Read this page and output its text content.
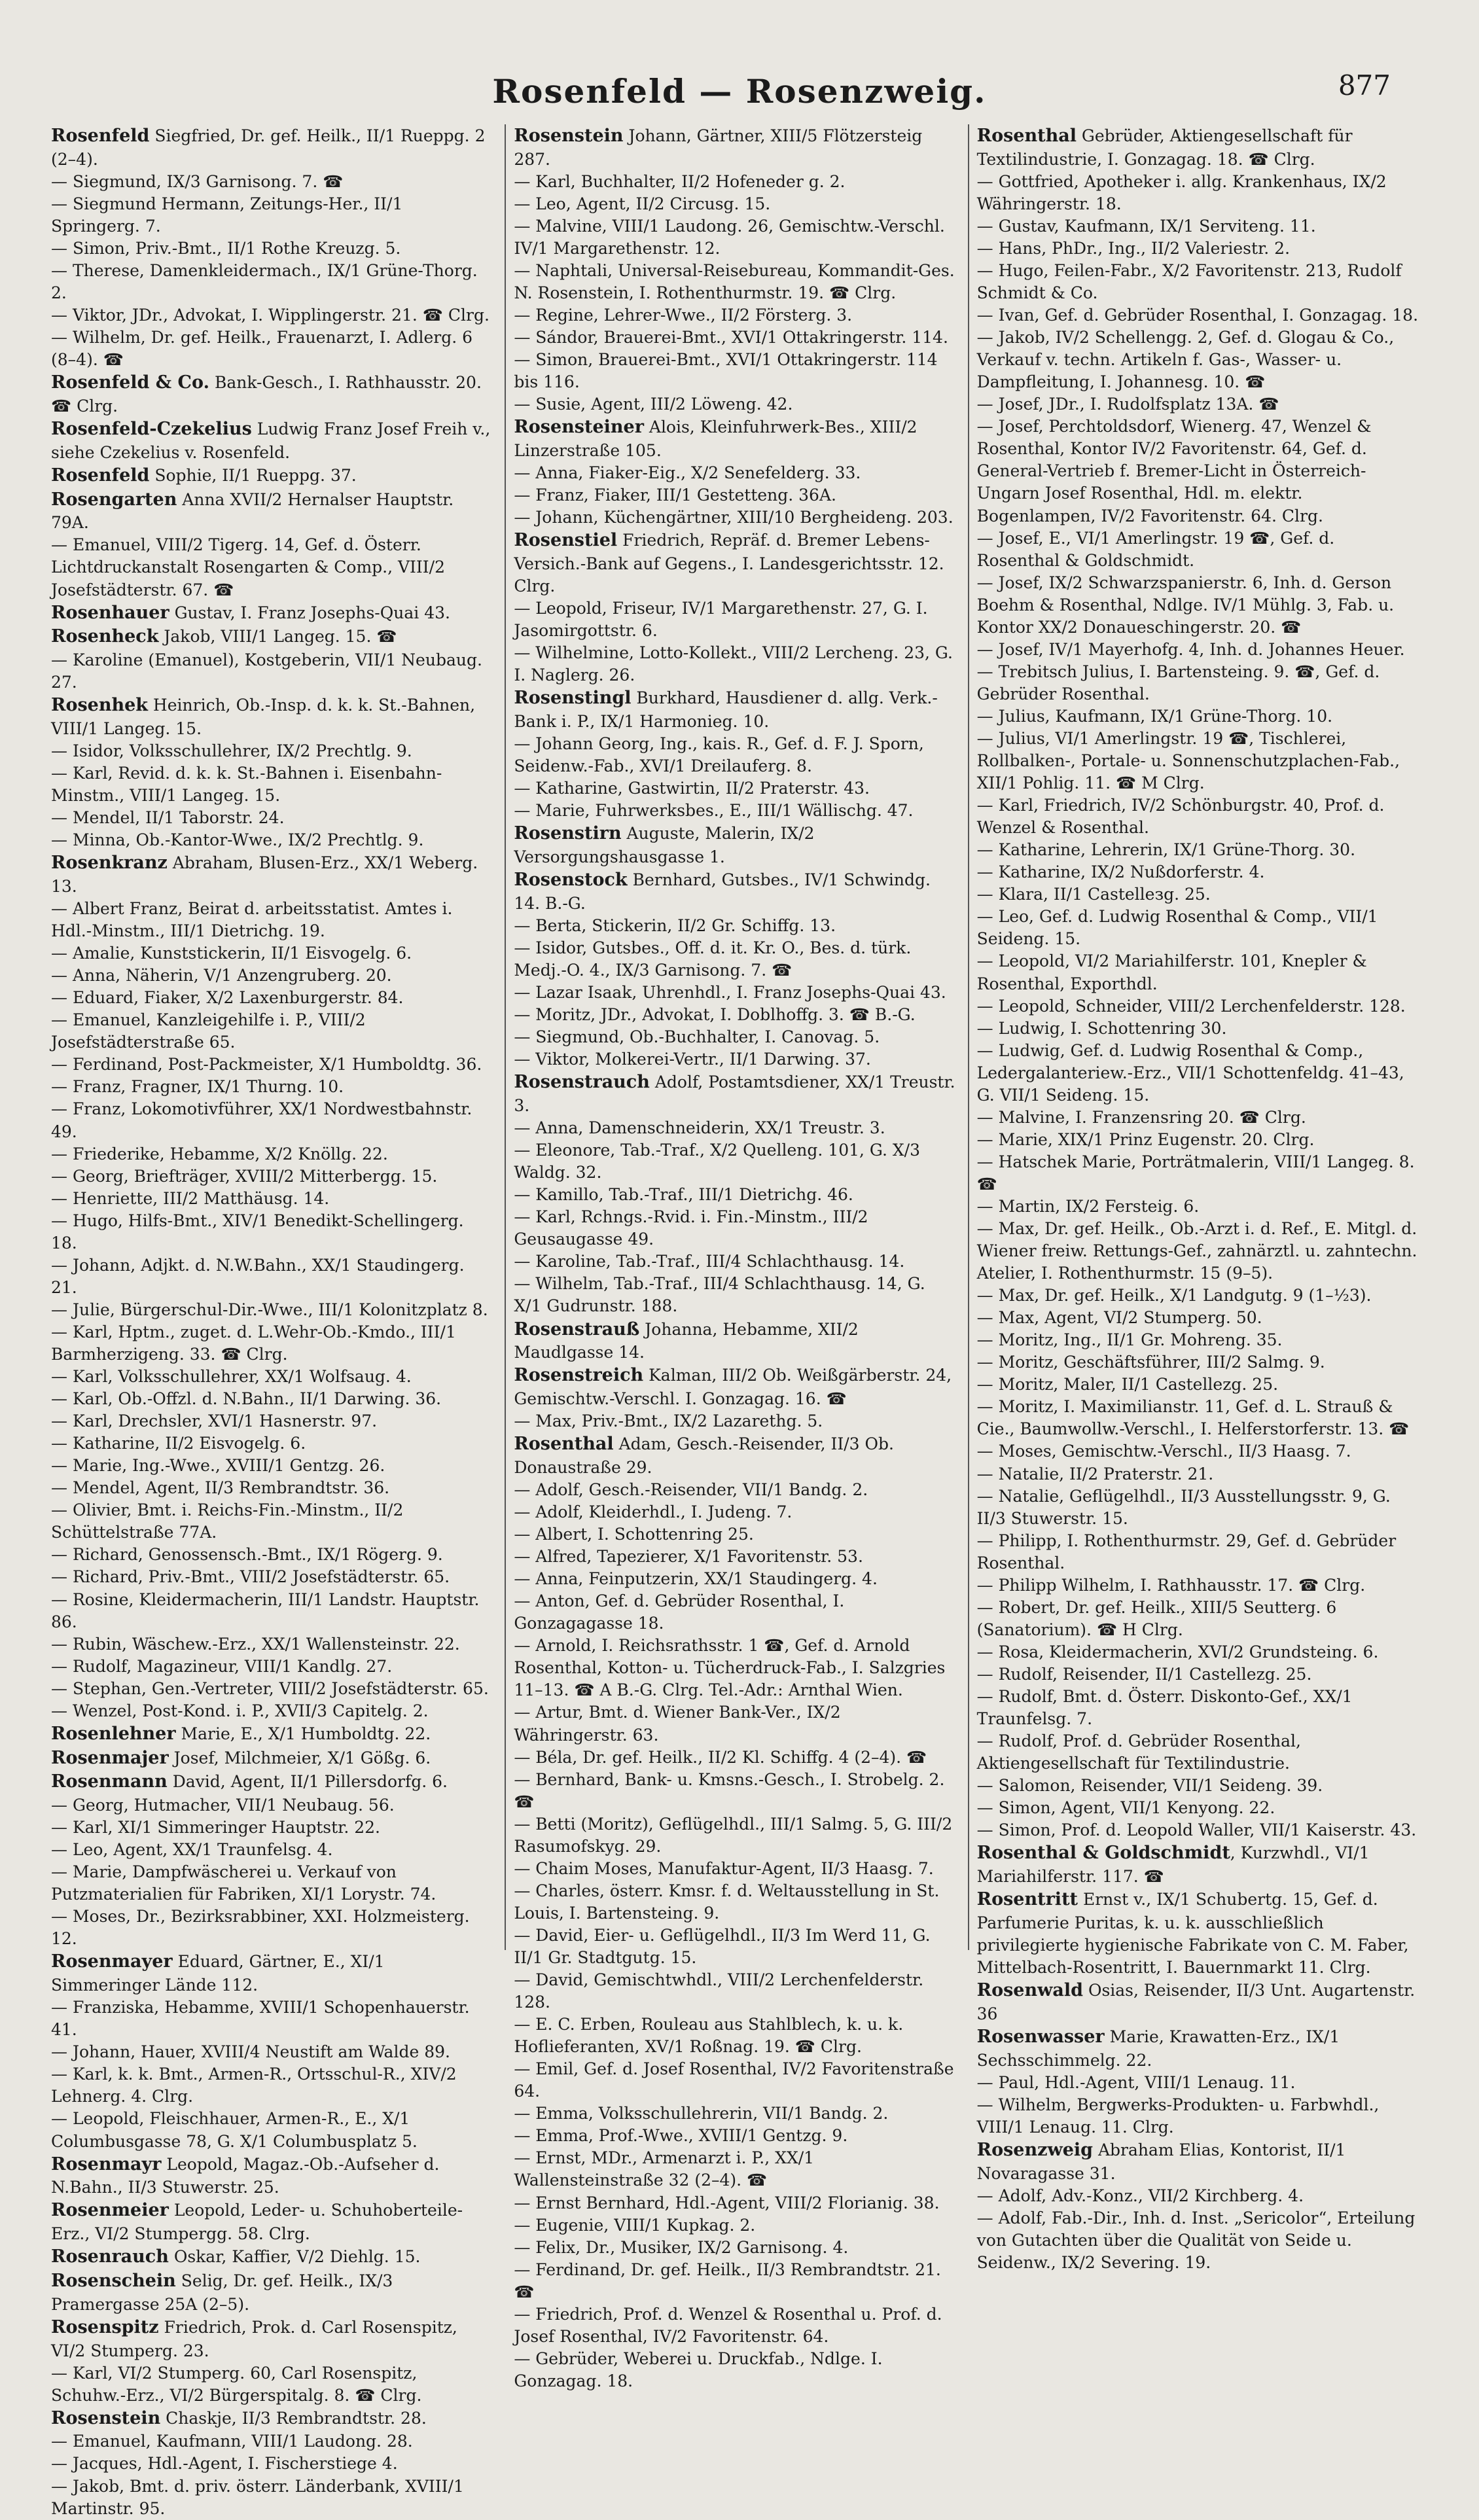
Rosenfeld — Rosenzweig.	877

Rosenfeld Siegfried, Dr. gef. Heilk., II/1 Rueppg. 2 (2–4).

— Siegmund, IX/3 Garnisong. 7. ☎

— Siegmund Hermann, Zeitungs-Her., II/1 Springerg. 7.

— Simon, Priv.-Bmt., II/1 Rothe Kreuzg. 5.

— Therese, Damenkleidermach., IX/1 Grüne-Thorg. 2.

— Viktor, JDr., Advokat, I. Wipplingerstr. 21. ☎ Clrg.

— Wilhelm, Dr. gef. Heilk., Frauenarzt, I. Adlerg. 6 (8–4). ☎

Rosenfeld & Co. Bank-Gesch., I. Rathhausstr. 20. ☎ Clrg.

Rosenfeld-Czekelius Ludwig Franz Josef Freih v., siehe Czekelius v. Rosenfeld.

Rosenfeld Sophie, II/1 Rueppg. 37.

Rosengarten Anna XVII/2 Hernalser Hauptstr. 79A.

— Emanuel, VIII/2 Tigerg. 14, Gef. d. Österr. Lichtdruckanstalt Rosengarten & Comp., VIII/2 Josefstädterstr. 67. ☎

Rosenhauer Gustav, I. Franz Josephs-Quai 43.

Rosenheck Jakob, VIII/1 Langeg. 15. ☎

— Karoline (Emanuel), Kostgeberin, VII/1 Neubaug. 27.

Rosenhek Heinrich, Ob.-Insp. d. k. k. St.-Bahnen, VIII/1 Langeg. 15.

— Isidor, Volksschullehrer, IX/2 Prechtlg. 9.

— Karl, Revid. d. k. k. St.-Bahnen i. Eisenbahn-Minstm., VIII/1 Langeg. 15.

— Mendel, II/1 Taborstr. 24.

— Minna, Ob.-Kantor-Wwe., IX/2 Prechtlg. 9.

Rosenkranz Abraham, Blusen-Erz., XX/1 Weberg. 13.

— Albert Franz, Beirat d. arbeitsstatist. Amtes i. Hdl.-Minstm., III/1 Dietrichg. 19.

— Amalie, Kunststickerin, II/1 Eisvogelg. 6.

— Anna, Näherin, V/1 Anzengruberg. 20.

— Eduard, Fiaker, X/2 Laxenburgerstr. 84.

— Emanuel, Kanzleigehilfe i. P., VIII/2 Josefstädterstraße 65.

— Ferdinand, Post-Packmeister, X/1 Humboldtg. 36.

— Franz, Fragner, IX/1 Thurng. 10.

— Franz, Lokomotivführer, XX/1 Nordwestbahnstr. 49.

— Friederike, Hebamme, X/2 Knöllg. 22.

— Georg, Briefträger, XVIII/2 Mitterbergg. 15.

— Henriette, III/2 Matthäusg. 14.

— Hugo, Hilfs-Bmt., XIV/1 Benedikt-Schellingerg. 18.

— Johann, Adjkt. d. N.W.Bahn., XX/1 Staudingerg. 21.

— Julie, Bürgerschul-Dir.-Wwe., III/1 Kolonitzplatz 8.

— Karl, Hptm., zuget. d. L.Wehr-Ob.-Kmdo., III/1 Barmherzigeng. 33. ☎ Clrg.

— Karl, Volksschullehrer, XX/1 Wolfsaug. 4.

— Karl, Ob.-Offzl. d. N.Bahn., II/1 Darwing. 36.

— Karl, Drechsler, XVI/1 Hasnerstr. 97.

— Katharine, II/2 Eisvogelg. 6.

— Marie, Ing.-Wwe., XVIII/1 Gentzg. 26.

— Mendel, Agent, II/3 Rembrandtstr. 36.

— Olivier, Bmt. i. Reichs-Fin.-Minstm., II/2 Schüttelstraße 77A.

— Richard, Genossensch.-Bmt., IX/1 Rögerg. 9.

— Richard, Priv.-Bmt., VIII/2 Josefstädterstr. 65.

— Rosine, Kleidermacherin, III/1 Landstr. Hauptstr. 86.

— Rubin, Wäschew.-Erz., XX/1 Wallensteinstr. 22.

— Rudolf, Magazineur, VIII/1 Kandlg. 27.

— Stephan, Gen.-Vertreter, VIII/2 Josefstädterstr. 65.

— Wenzel, Post-Kond. i. P., XVII/3 Capitelg. 2.

Rosenlehner Marie, E., X/1 Humboldtg. 22.

Rosenmajer Josef, Milchmeier, X/1 Gößg. 6.

Rosenmann David, Agent, II/1 Pillersdorfg. 6.

— Georg, Hutmacher, VII/1 Neubaug. 56.

— Karl, XI/1 Simmeringer Hauptstr. 22.

— Leo, Agent, XX/1 Traunfelsg. 4.

— Marie, Dampfwäscherei u. Verkauf von Putzmaterialien für Fabriken, XI/1 Lorystr. 74.

— Moses, Dr., Bezirksrabbiner, XXI. Holzmeisterg. 12.

Rosenmayer Eduard, Gärtner, E., XI/1 Simmeringer Lände 112.

— Franziska, Hebamme, XVIII/1 Schopenhauerstr. 41.

— Johann, Hauer, XVIII/4 Neustift am Walde 89.

— Karl, k. k. Bmt., Armen-R., Ortsschul-R., XIV/2 Lehnerg. 4. Clrg.

— Leopold, Fleischhauer, Armen-R., E., X/1 Columbusgasse 78, G. X/1 Columbusplatz 5.

Rosenmayr Leopold, Magaz.-Ob.-Aufseher d. N.Bahn., II/3 Stuwerstr. 25.

Rosenmeier Leopold, Leder- u. Schuhoberteile-Erz., VI/2 Stumpergg. 58. Clrg.

Rosenrauch Oskar, Kaffier, V/2 Diehlg. 15.

Rosenschein Selig, Dr. gef. Heilk., IX/3 Pramergasse 25A (2–5).

Rosenspitz Friedrich, Prok. d. Carl Rosenspitz, VI/2 Stumperg. 23.

— Karl, VI/2 Stumperg. 60, Carl Rosenspitz, Schuhw.-Erz., VI/2 Bürgerspitalg. 8. ☎ Clrg.

Rosenstein Chaskje, II/3 Rembrandtstr. 28.

— Emanuel, Kaufmann, VIII/1 Laudong. 28.

— Jacques, Hdl.-Agent, I. Fischerstiege 4.

— Jakob, Bmt. d. priv. österr. Länderbank, XVIII/1 Martinstr. 95.

Rosenstein Johann, Gärtner, XIII/5 Flötzersteig 287.

— Karl, Buchhalter, II/2 Hofeneder g. 2.

— Leo, Agent, II/2 Circusg. 15.

— Malvine, VIII/1 Laudong. 26, Gemischtw.-Verschl. IV/1 Margarethenstr. 12.

— Naphtali, Universal-Reisebureau, Kommandit-Ges. N. Rosenstein, I. Rothenthurmstr. 19. ☎ Clrg.

— Regine, Lehrer-Wwe., II/2 Försterg. 3.

— Sándor, Brauerei-Bmt., XVI/1 Ottakringerstr. 114.

— Simon, Brauerei-Bmt., XVI/1 Ottakringerstr. 114 bis 116.

— Susie, Agent, III/2 Löweng. 42.

Rosensteiner Alois, Kleinfuhrwerk-Bes., XIII/2 Linzerstraße 105.

— Anna, Fiaker-Eig., X/2 Senefelderg. 33.

— Franz, Fiaker, III/1 Gestetteng. 36A.

— Johann, Küchengärtner, XIII/10 Bergheideng. 203.

Rosenstiel Friedrich, Repräf. d. Bremer Lebens-Versich.-Bank auf Gegens., I. Landesgerichtsstr. 12. Clrg.

— Leopold, Friseur, IV/1 Margarethenstr. 27, G. I. Jasomirgottstr. 6.

— Wilhelmine, Lotto-Kollekt., VIII/2 Lercheng. 23, G. I. Naglerg. 26.

Rosenstingl Burkhard, Hausdiener d. allg. Verk.-Bank i. P., IX/1 Harmoniеg. 10.

— Johann Georg, Ing., kais. R., Gef. d. F. J. Sporn, Seidenw.-Fab., XVI/1 Dreilauferg. 8.

— Katharine, Gastwirtin, II/2 Praterstr. 43.

— Marie, Fuhrwerksbes., E., III/1 Wällischg. 47.

Rosenstirn Auguste, Malerin, IX/2 Versorgungshausgasse 1.

Rosenstock Bernhard, Gutsbes., IV/1 Schwindg. 14. B.-G.

— Berta, Stickerin, II/2 Gr. Schiffg. 13.

— Isidor, Gutsbes., Off. d. it. Kr. O., Bes. d. türk. Medj.-O. 4., IX/3 Garnisong. 7. ☎

— Lazar Isaak, Uhrenhdl., I. Franz Josephs-Quai 43.

— Moritz, JDr., Advokat, I. Doblhoffg. 3. ☎ B.-G.

— Siegmund, Ob.-Buchhalter, I. Canovag. 5.

— Viktor, Molkerei-Vertr., II/1 Darwing. 37.

Rosenstrauch Adolf, Postamtsdiener, XX/1 Treustr. 3.

— Anna, Damenschneiderin, XX/1 Treustr. 3.

— Eleonore, Tab.-Traf., X/2 Quelleng. 101, G. X/3 Waldg. 32.

— Kamillo, Tab.-Traf., III/1 Dietrichg. 46.

— Karl, Rchngs.-Rvid. i. Fin.-Minstm., III/2 Geusaugasse 49.

— Karoline, Tab.-Traf., III/4 Schlachthausg. 14.

— Wilhelm, Tab.-Traf., III/4 Schlachthausg. 14, G. X/1 Gudrunstr. 188.

Rosenstrauß Johanna, Hebamme, XII/2 Maudlgasse 14.

Rosenstreich Kalman, III/2 Ob. Weißgärberstr. 24, Gemischtw.-Verschl. I. Gonzagag. 16. ☎

— Max, Priv.-Bmt., IX/2 Lazarethg. 5.

Rosenthal Adam, Gesch.-Reisender, II/3 Ob. Donaustraße 29.

— Adolf, Gesch.-Reisender, VII/1 Bandg. 2.

— Adolf, Kleiderhdl., I. Judeng. 7.

— Albert, I. Schottenring 25.

— Alfred, Tapezierer, X/1 Favoritenstr. 53.

— Anna, Feinputzerin, XX/1 Staudingerg. 4.

— Anton, Gef. d. Gebrüder Rosenthal, I. Gonzagagasse 18.

— Arnold, I. Reichsrathsstr. 1 ☎, Gef. d. Arnold Rosenthal, Kotton- u. Tücherdruck-Fab., I. Salzgries 11–13. ☎ A B.-G. Clrg. Tel.-Adr.: Arnthal Wien.

— Artur, Bmt. d. Wiener Bank-Ver., IX/2 Währingerstr. 63.

— Béla, Dr. gef. Heilk., II/2 Kl. Schiffg. 4 (2–4). ☎

— Bernhard, Bank- u. Kmsns.-Gesch., I. Strobelg. 2. ☎

— Betti (Moritz), Geflügelhdl., III/1 Salmg. 5, G. III/2 Rasumofskyg. 29.

— Chaim Moses, Manufaktur-Agent, II/3 Haasg. 7.

— Charles, österr. Kmsr. f. d. Weltausstellung in St. Louis, I. Bartensteing. 9.

— David, Eier- u. Geflügelhdl., II/3 Im Werd 11, G. II/1 Gr. Stadtgutg. 15.

— David, Gemischtwhdl., VIII/2 Lerchenfelderstr. 128.

— E. C. Erben, Rouleau aus Stahlblech, k. u. k. Hoflieferanten, XV/1 Roßnag. 19. ☎ Clrg.

— Emil, Gef. d. Josef Rosenthal, IV/2 Favoritenstraße 64.

— Emma, Volksschullehrerin, VII/1 Bandg. 2.

— Emma, Prof.-Wwe., XVIII/1 Gentzg. 9.

— Ernst, MDr., Armenarzt i. P., XX/1 Wallensteinstraße 32 (2–4). ☎

— Ernst Bernhard, Hdl.-Agent, VIII/2 Florianig. 38.

— Eugenie, VIII/1 Kupkag. 2.

— Felix, Dr., Musiker, IX/2 Garnisong. 4.

— Ferdinand, Dr. gef. Heilk., II/3 Rembrandtstr. 21. ☎

— Friedrich, Prof. d. Wenzel & Rosenthal u. Prof. d. Josef Rosenthal, IV/2 Favoritenstr. 64.

— Gebrüder, Weberei u. Druckfab., Ndlge. I. Gonzagag. 18.

Rosenthal Gebrüder, Aktiengesellschaft für Textilindustrie, I. Gonzagag. 18. ☎ Clrg.

— Gottfried, Apotheker i. allg. Krankenhaus, IX/2 Währingerstr. 18.

— Gustav, Kaufmann, IX/1 Serviteng. 11.

— Hans, PhDr., Ing., II/2 Valeriestr. 2.

— Hugo, Feilen-Fabr., X/2 Favoritenstr. 213, Rudolf Schmidt & Co.

— Ivan, Gef. d. Gebrüder Rosenthal, I. Gonzagag. 18.

— Jakob, IV/2 Schellengg. 2, Gef. d. Glogau & Co., Verkauf v. techn. Artikeln f. Gas-, Wasser- u. Dampfleitung, I. Johannesg. 10. ☎

— Josef, JDr., I. Rudolfsplatz 13A. ☎

— Josef, Perchtoldsdorf, Wienerg. 47, Wenzel & Rosenthal, Kontor IV/2 Favoritenstr. 64, Gef. d. General-Vertrieb f. Bremer-Licht in Österreich-Ungarn Josef Rosenthal, Hdl. m. elektr. Bogenlampen, IV/2 Favoritenstr. 64. Clrg.

— Josef, E., VI/1 Amerlingstr. 19 ☎, Gef. d. Rosenthal & Goldschmidt.

— Josef, IX/2 Schwarzspanierstr. 6, Inh. d. Gerson Boehm & Rosenthal, Ndlge. IV/1 Mühlg. 3, Fab. u. Kontor XX/2 Donaueschingerstr. 20. ☎

— Josef, IV/1 Mayerhofg. 4, Inh. d. Johannes Heuer.

— Trebitsch Julius, I. Bartensteing. 9. ☎, Gef. d. Gebrüder Rosenthal.

— Julius, Kaufmann, IX/1 Grüne-Thorg. 10.

— Julius, VI/1 Amerlingstr. 19 ☎, Tischlerei, Rollbalken-, Portale- u. Sonnenschutzplachen-Fab., XII/1 Pohlig. 11. ☎ M Clrg.

— Karl, Friedrich, IV/2 Schönburgstr. 40, Prof. d. Wenzel & Rosenthal.

— Katharine, Lehrerin, IX/1 Grüne-Thorg. 30.

— Katharine, IX/2 Nußdorferstr. 4.

— Klara, II/1 Castelleзg. 25.

— Leo, Gef. d. Ludwig Rosenthal & Comp., VII/1 Seideng. 15.

— Leopold, VI/2 Mariahilferstr. 101, Knepler & Rosenthal, Exporthdl.

— Leopold, Schneider, VIII/2 Lerchenfelderstr. 128.

— Ludwig, I. Schottenring 30.

— Ludwig, Gef. d. Ludwig Rosenthal & Comp., Ledergalanteriew.-Erz., VII/1 Schottenfeldg. 41–43, G. VII/1 Seideng. 15.

— Malvine, I. Franzensring 20. ☎ Clrg.

— Marie, XIX/1 Prinz Eugenstr. 20. Clrg.

— Hatschek Marie, Porträtmalerin, VIII/1 Langeg. 8. ☎

— Martin, IX/2 Fersteig. 6.

— Max, Dr. gef. Heilk., Ob.-Arzt i. d. Ref., E. Mitgl. d. Wiener freiw. Rettungs-Gef., zahnärztl. u. zahntechn. Atelier, I. Rothenthurmstr. 15 (9–5).

— Max, Dr. gef. Heilk., X/1 Landgutg. 9 (1–½3).

— Max, Agent, VI/2 Stumperg. 50.

— Moritz, Ing., II/1 Gr. Mohreng. 35.

— Moritz, Geschäftsführer, III/2 Salmg. 9.

— Moritz, Maler, II/1 Castellezg. 25.

— Moritz, I. Maximilianstr. 11, Gef. d. L. Strauß & Cie., Baumwollw.-Verschl., I. Helferstorferstr. 13. ☎

— Moses, Gemischtw.-Verschl., II/3 Haasg. 7.

— Natalie, II/2 Praterstr. 21.

— Natalie, Geflügelhdl., II/3 Ausstellungsstr. 9, G. II/3 Stuwerstr. 15.

— Philipp, I. Rothenthurmstr. 29, Gef. d. Gebrüder Rosenthal.

— Philipp Wilhelm, I. Rathhausstr. 17. ☎ Clrg.

— Robert, Dr. gef. Heilk., XIII/5 Seutterg. 6 (Sanatorium). ☎ H Clrg.

— Rosa, Kleidermacherin, XVI/2 Grundsteing. 6.

— Rudolf, Reisender, II/1 Castellezg. 25.

— Rudolf, Bmt. d. Österr. Diskonto-Gef., XX/1 Traunfelsg. 7.

— Rudolf, Prof. d. Gebrüder Rosenthal, Aktiengesellschaft für Textilindustrie.

— Salomon, Reisender, VII/1 Seideng. 39.

— Simon, Agent, VII/1 Kenyong. 22.

— Simon, Prof. d. Leopold Waller, VII/1 Kaiserstr. 43.

Rosenthal & Goldschmidt, Kurzwhdl., VI/1 Mariahilferstr. 117. ☎

Rosentritt Ernst v., IX/1 Schubertg. 15, Gef. d. Parfumerie Puritas, k. u. k. ausschließlich privilegierte hygienische Fabrikate von C. M. Faber, Mittelbach-Rosentritt, I. Bauernmarkt 11. Clrg.

Rosenwald Osias, Reisender, II/3 Unt. Augartenstr. 36

Rosenwasser Marie, Krawatten-Erz., IX/1 Sechsschimmelg. 22.

— Paul, Hdl.-Agent, VIII/1 Lenaug. 11.

— Wilhelm, Bergwerks-Produkten- u. Farbwhdl., VIII/1 Lenaug. 11. Clrg.

Rosenzweig Abraham Elias, Kontorist, II/1 Novaragasse 31.

— Adolf, Adv.-Konz., VII/2 Kirchberg. 4.

— Adolf, Fab.-Dir., Inh. d. Inst. „Sericolor“, Erteilung von Gutachten über die Qualität von Seide u. Seidenw., IX/2 Severing. 19.
